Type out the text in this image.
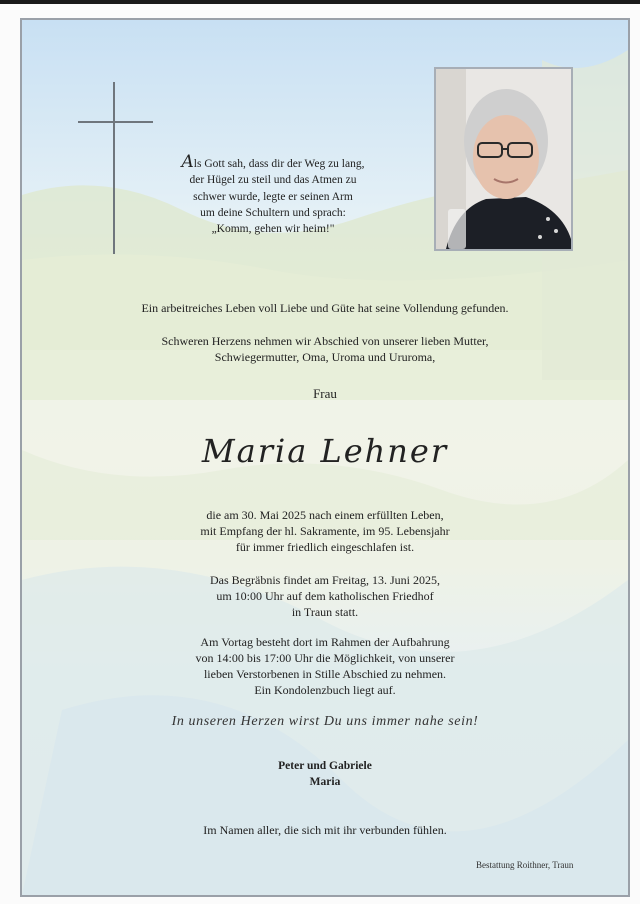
Als Gott sah, dass dir der Weg zu lang,
der Hügel zu steil und das Atmen zu
schwer wurde, legte er seinen Arm
um deine Schultern und sprach:
„Komm, gehen wir heim!"
Ein arbeitreiches Leben voll Liebe und Güte hat seine Vollendung gefunden.
Schweren Herzens nehmen wir Abschied von unserer lieben Mutter,
Schwiegermutter, Oma, Uroma und Ururoma,
Frau
Maria Lehner
die am 30. Mai 2025 nach einem erfüllten Leben,
mit Empfang der hl. Sakramente, im 95. Lebensjahr
für immer friedlich eingeschlafen ist.
Das Begräbnis findet am Freitag, 13. Juni 2025,
um 10:00 Uhr auf dem katholischen Friedhof
in Traun statt.
Am Vortag besteht dort im Rahmen der Aufbahrung
von 14:00 bis 17:00 Uhr die Möglichkeit, von unserer
lieben Verstorbenen in Stille Abschied zu nehmen.
Ein Kondolenzbuch liegt auf.
In unseren Herzen wirst Du uns immer nahe sein!
Peter und Gabriele
Maria
Im Namen aller, die sich mit ihr verbunden fühlen.
Bestattung Roithner, Traun
